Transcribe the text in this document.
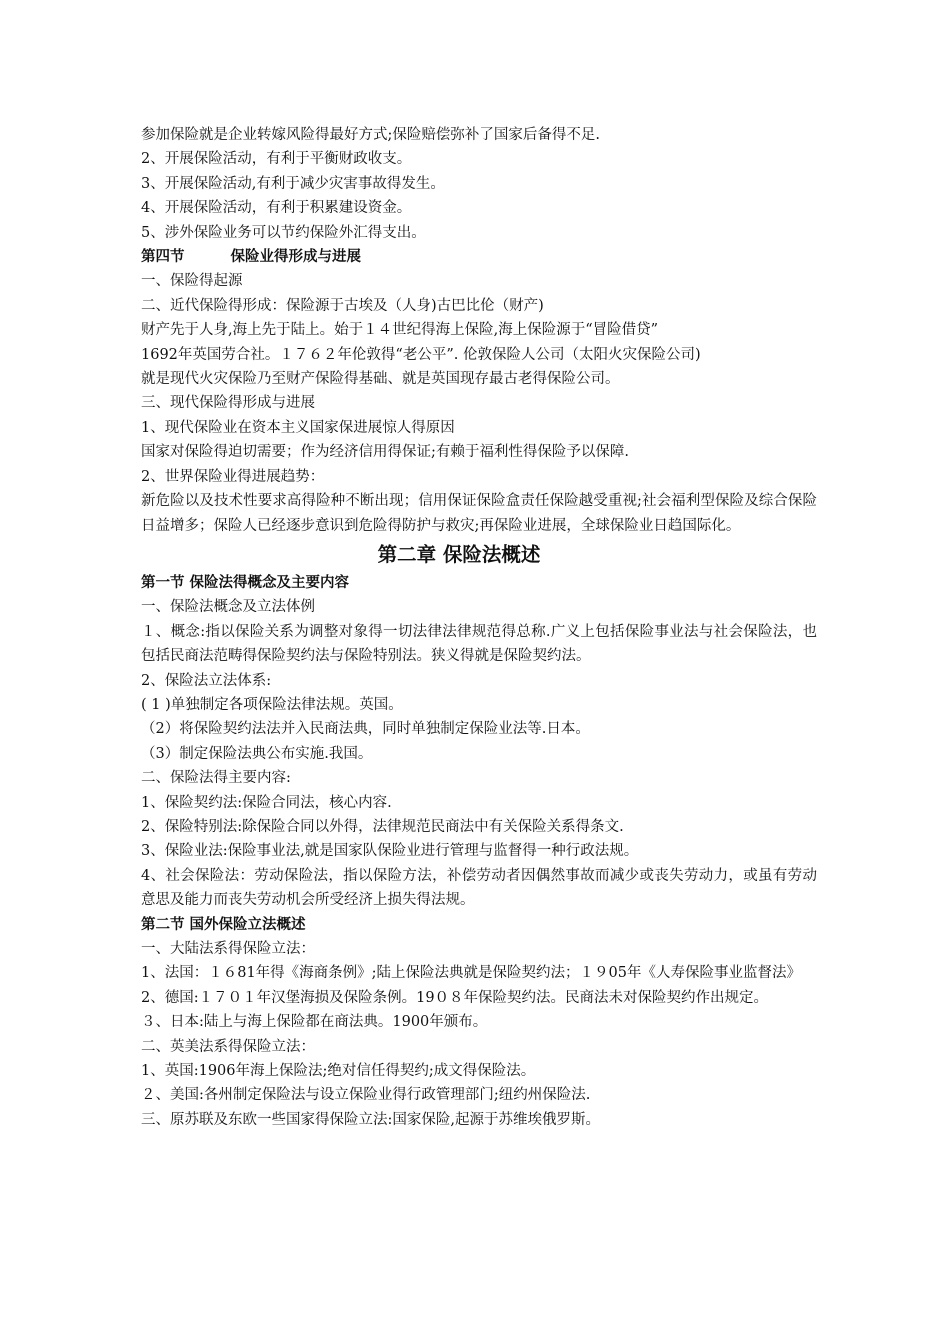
参加保险就是企业转嫁风险得最好方式;保险赔偿弥补了国家后备得不足.
2、开展保险活动，有利于平衡财政收支。
3、开展保险活动,有利于减少灾害事故得发生。
4、开展保险活动，有利于积累建设资金。
5、涉外保险业务可以节约保险外汇得支出。
第四节	保险业得形成与进展
一、保险得起源
二、近代保险得形成：保险源于古埃及（人身)古巴比伦（财产)
财产先于人身,海上先于陆上。始于１４世纪得海上保险,海上保险源于“冒险借贷”
1692年英国劳合社。１７６２年伦敦得“老公平”. 伦敦保险人公司（太阳火灾保险公司)
就是现代火灾保险乃至财产保险得基础、就是英国现存最古老得保险公司。
三、现代保险得形成与进展
1、现代保险业在资本主义国家保进展惊人得原因
国家对保险得迫切需要；作为经济信用得保证;有赖于福利性得保险予以保障.
2、世界保险业得进展趋势：
新危险以及技术性要求高得险种不断出现；信用保证保险盒责任保险越受重视;社会福利型保险及综合保险日益增多；保险人已经逐步意识到危险得防护与救灾;再保险业进展，全球保险业日趋国际化。
第二章 保险法概述
第一节 保险法得概念及主要内容
一、保险法概念及立法体例
１、概念:指以保险关系为调整对象得一切法律法律规范得总称.广义上包括保险事业法与社会保险法，也包括民商法范畴得保险契约法与保险特别法。狭义得就是保险契约法。
2、保险法立法体系:
( 1 )单独制定各项保险法律法规。英国。
（2）将保险契约法法并入民商法典，同时单独制定保险业法等.日本。
（3）制定保险法典公布实施.我国。
二、保险法得主要内容:
1、保险契约法:保险合同法，核心内容.
2、保险特别法:除保险合同以外得，法律规范民商法中有关保险关系得条文.
3、保险业法:保险事业法,就是国家队保险业进行管理与监督得一种行政法规。
4、社会保险法：劳动保险法，指以保险方法，补偿劳动者因偶然事故而减少或丧失劳动力，或虽有劳动意思及能力而丧失劳动机会所受经济上损失得法规。
第二节 国外保险立法概述
一、大陆法系得保险立法：
1、法国：１６81年得《海商条例》;陆上保险法典就是保险契约法；１９05年《人寿保险事业监督法》
2、德国:１７０１年汉堡海损及保险条例。19０８年保险契约法。民商法未对保险契约作出规定。
３、日本:陆上与海上保险都在商法典。1900年颁布。
二、英美法系得保险立法：
1、英国:1906年海上保险法;绝对信任得契约;成文得保险法。
２、美国:各州制定保险法与设立保险业得行政管理部门;纽约州保险法.
三、原苏联及东欧一些国家得保险立法:国家保险,起源于苏维埃俄罗斯。
